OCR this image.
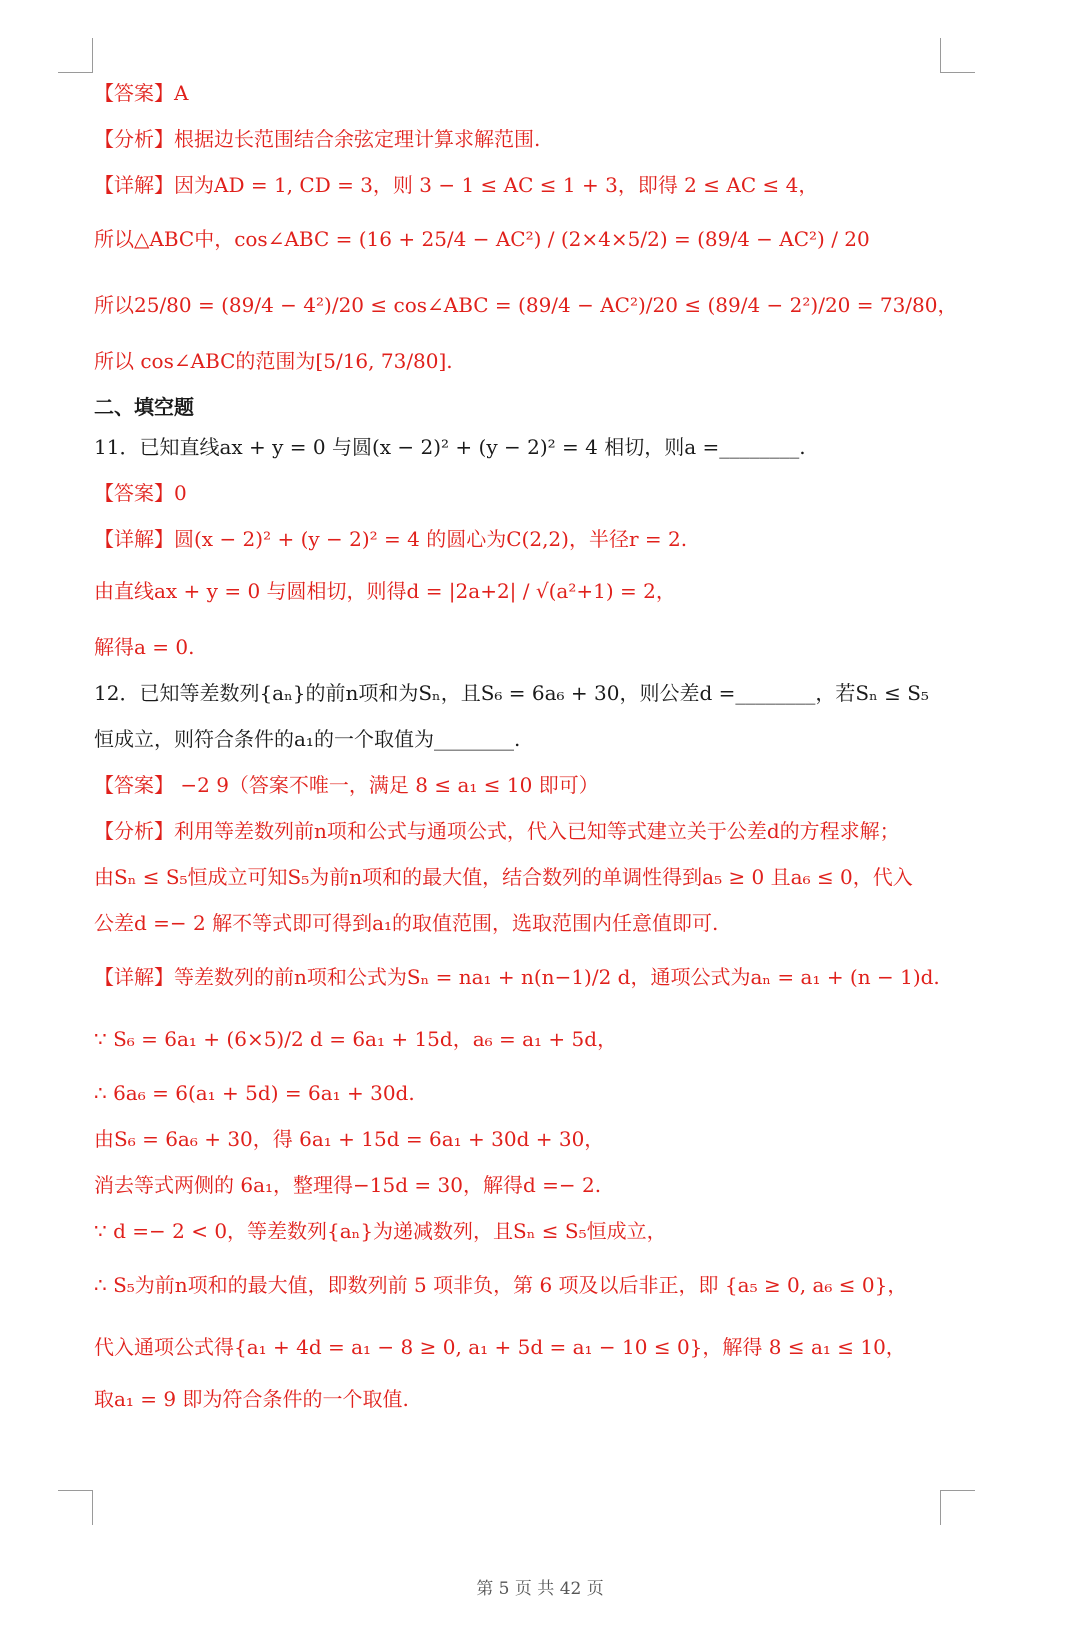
【答案】A
【分析】根据边长范围结合余弦定理计算求解范围.
【详解】因为AD = 1, CD = 3，则 3 − 1 ≤ AC ≤ 1 + 3，即得 2 ≤ AC ≤ 4，
所以△ABC中，cos∠ABC = (16 + 25/4 − AC²) / (2×4×5/2) = (89/4 − AC²) / 20
所以25/80 = (89/4 − 4²)/20 ≤ cos∠ABC = (89/4 − AC²)/20 ≤ (89/4 − 2²)/20 = 73/80，
所以 cos∠ABC的范围为[5/16, 73/80].
二、填空题
11．已知直线ax + y = 0 与圆(x − 2)² + (y − 2)² = 4 相切，则a =________.
【答案】0
【详解】圆(x − 2)² + (y − 2)² = 4 的圆心为C(2,2)，半径r = 2.
由直线ax + y = 0 与圆相切，则得d = |2a+2| / √(a²+1) = 2，
解得a = 0.
12．已知等差数列{aₙ}的前n项和为Sₙ，且S₆ = 6a₆ + 30，则公差d =________，若Sₙ ≤ S₅
恒成立，则符合条件的a₁的一个取值为________.
【答案】 −2 9（答案不唯一，满足 8 ≤ a₁ ≤ 10 即可）
【分析】利用等差数列前n项和公式与通项公式，代入已知等式建立关于公差d的方程求解；
由Sₙ ≤ S₅恒成立可知S₅为前n项和的最大值，结合数列的单调性得到a₅ ≥ 0 且a₆ ≤ 0，代入
公差d =− 2 解不等式即可得到a₁的取值范围，选取范围内任意值即可.
【详解】等差数列的前n项和公式为Sₙ = na₁ + n(n−1)/2 d，通项公式为aₙ = a₁ + (n − 1)d.
∵ S₆ = 6a₁ + (6×5)/2 d = 6a₁ + 15d，a₆ = a₁ + 5d，
∴ 6a₆ = 6(a₁ + 5d) = 6a₁ + 30d.
由S₆ = 6a₆ + 30，得 6a₁ + 15d = 6a₁ + 30d + 30，
消去等式两侧的 6a₁，整理得−15d = 30，解得d =− 2.
∵ d =− 2 < 0，等差数列{aₙ}为递减数列，且Sₙ ≤ S₅恒成立，
∴ S₅为前n项和的最大值，即数列前 5 项非负，第 6 项及以后非正，即 {a₅ ≥ 0, a₆ ≤ 0}，
代入通项公式得{a₁ + 4d = a₁ − 8 ≥ 0, a₁ + 5d = a₁ − 10 ≤ 0}，解得 8 ≤ a₁ ≤ 10，
取a₁ = 9 即为符合条件的一个取值.
第 5 页 共 42 页
